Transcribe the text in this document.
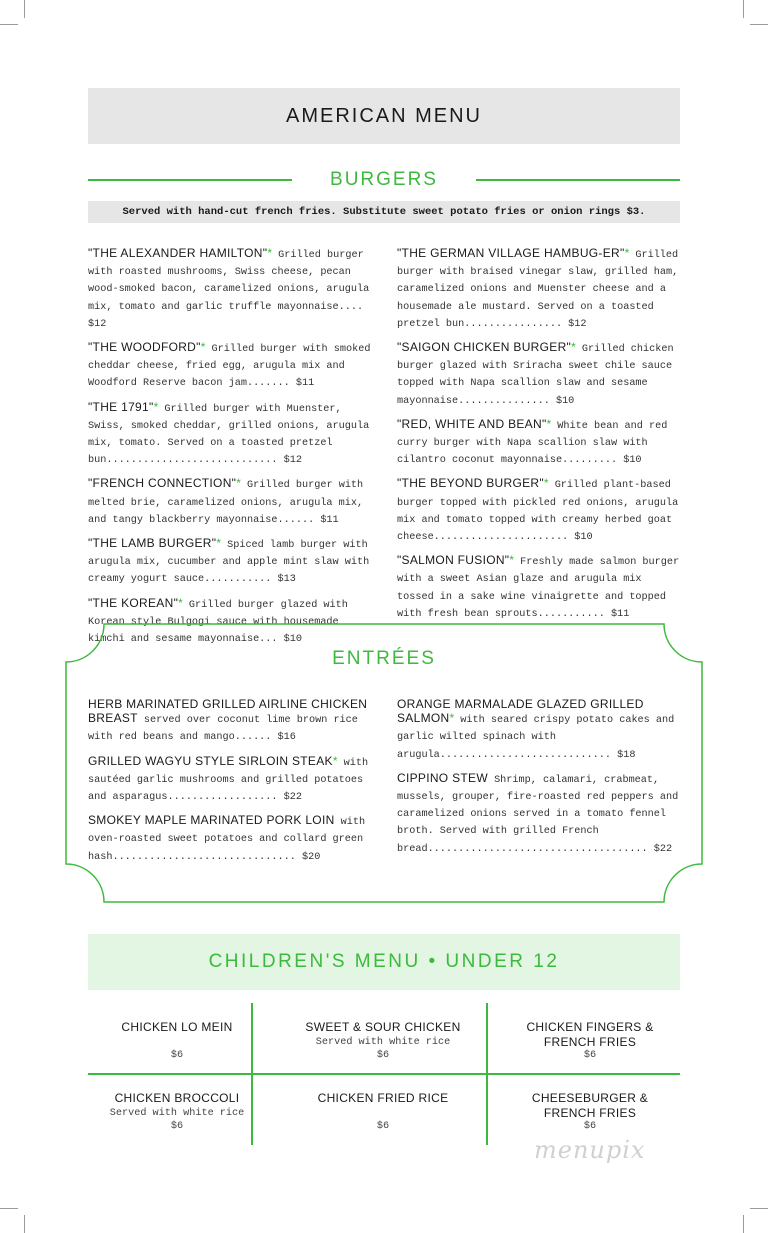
AMERICAN MENU
BURGERS
Served with hand-cut french fries. Substitute sweet potato fries or onion rings $3.
"THE ALEXANDER HAMILTON"* Grilled burger with roasted mushrooms, Swiss cheese, pecan wood-smoked bacon, caramelized onions, arugula mix, tomato and garlic truffle mayonnaise.... $12
"THE WOODFORD"* Grilled burger with smoked cheddar cheese, fried egg, arugula mix and Woodford Reserve bacon jam....... $11
"THE 1791"* Grilled burger with Muenster, Swiss, smoked cheddar, grilled onions, arugula mix, tomato. Served on a toasted pretzel bun............................ $12
"FRENCH CONNECTION"* Grilled burger with melted brie, caramelized onions, arugula mix, and tangy blackberry mayonnaise...... $11
"THE LAMB BURGER"* Spiced lamb burger with arugula mix, cucumber and apple mint slaw with creamy yogurt sauce........... $13
"THE KOREAN"* Grilled burger glazed with Korean style Bulgogi sauce with housemade kimchi and sesame mayonnaise... $10
"THE GERMAN VILLAGE HAMBUG-ER"* Grilled burger with braised vinegar slaw, grilled ham, caramelized onions and Muenster cheese and a housemade ale mustard. Served on a toasted pretzel bun................ $12
"SAIGON CHICKEN BURGER"* Grilled chicken burger glazed with Sriracha sweet chile sauce topped with Napa scallion slaw and sesame mayonnaise............... $10
"RED, WHITE AND BEAN"* White bean and red curry burger with Napa scallion slaw with cilantro coconut mayonnaise......... $10
"THE BEYOND BURGER"* Grilled plant-based burger topped with pickled red onions, arugula mix and tomato topped with creamy herbed goat cheese...................... $10
"SALMON FUSION"* Freshly made salmon burger with a sweet Asian glaze and arugula mix tossed in a sake wine vinaigrette and topped with fresh bean sprouts........... $11
ENTRÉES
HERB MARINATED GRILLED AIRLINE CHICKEN BREAST served over coconut lime brown rice with red beans and mango...... $16
GRILLED WAGYU STYLE SIRLOIN STEAK* with sautéed garlic mushrooms and grilled potatoes and asparagus.................. $22
SMOKEY MAPLE MARINATED PORK LOIN with oven-roasted sweet potatoes and collard green hash.............................. $20
ORANGE MARMALADE GLAZED GRILLED SALMON* with seared crispy potato cakes and garlic wilted spinach with arugula............................ $18
CIPPINO STEW Shrimp, calamari, crabmeat, mussels, grouper, fire-roasted red peppers and caramelized onions served in a tomato fennel broth. Served with grilled French bread.................................... $22
CHILDREN'S MENU • UNDER 12
CHICKEN LO MEIN
$6
SWEET & SOUR CHICKEN
Served with white rice
$6
CHICKEN FINGERS & FRENCH FRIES
$6
CHICKEN BROCCOLI
Served with white rice
$6
CHICKEN FRIED RICE
$6
CHEESEBURGER & FRENCH FRIES
$6
menupix
